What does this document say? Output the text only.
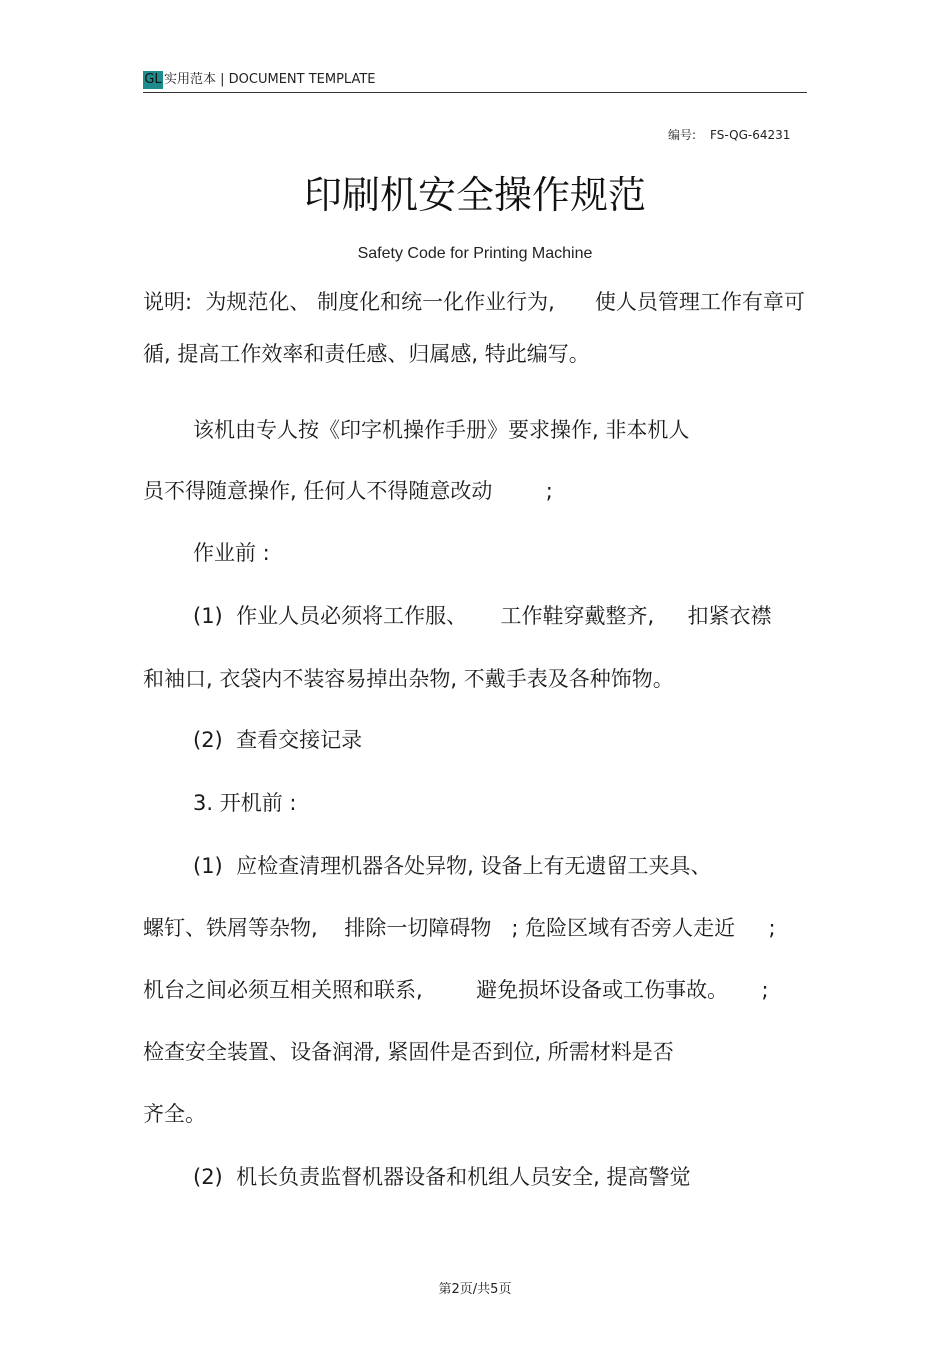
GL 实用范本 | DOCUMENT TEMPLATE
编号: FS-QG-64231
印刷机安全操作规范
Safety Code for Printing Machine
说明:  为规范化、 制度化和统一化作业行为,      使人员管理工作有章可
循, 提高工作效率和责任感、归属感, 特此编写。
该机由专人按《印字机操作手册》要求操作, 非本机人
员不得随意操作, 任何人不得随意改动        ;
作业前 :
(1)  作业人员必须将工作服、     工作鞋穿戴整齐,     扣紧衣襟
和袖口, 衣袋内不装容易掉出杂物, 不戴手表及各种饰物。
(2)  查看交接记录
3. 开机前 :
(1)  应检查清理机器各处异物, 设备上有无遗留工夹具、
螺钉、铁屑等杂物,    排除一切障碍物   ; 危险区域有否旁人走近     ;
机台之间必须互相关照和联系,        避免损坏设备或工伤事故。     ;
检查安全装置、设备润滑, 紧固件是否到位, 所需材料是否
齐全。
(2)  机长负责监督机器设备和机组人员安全, 提高警觉
第2页/共5页
